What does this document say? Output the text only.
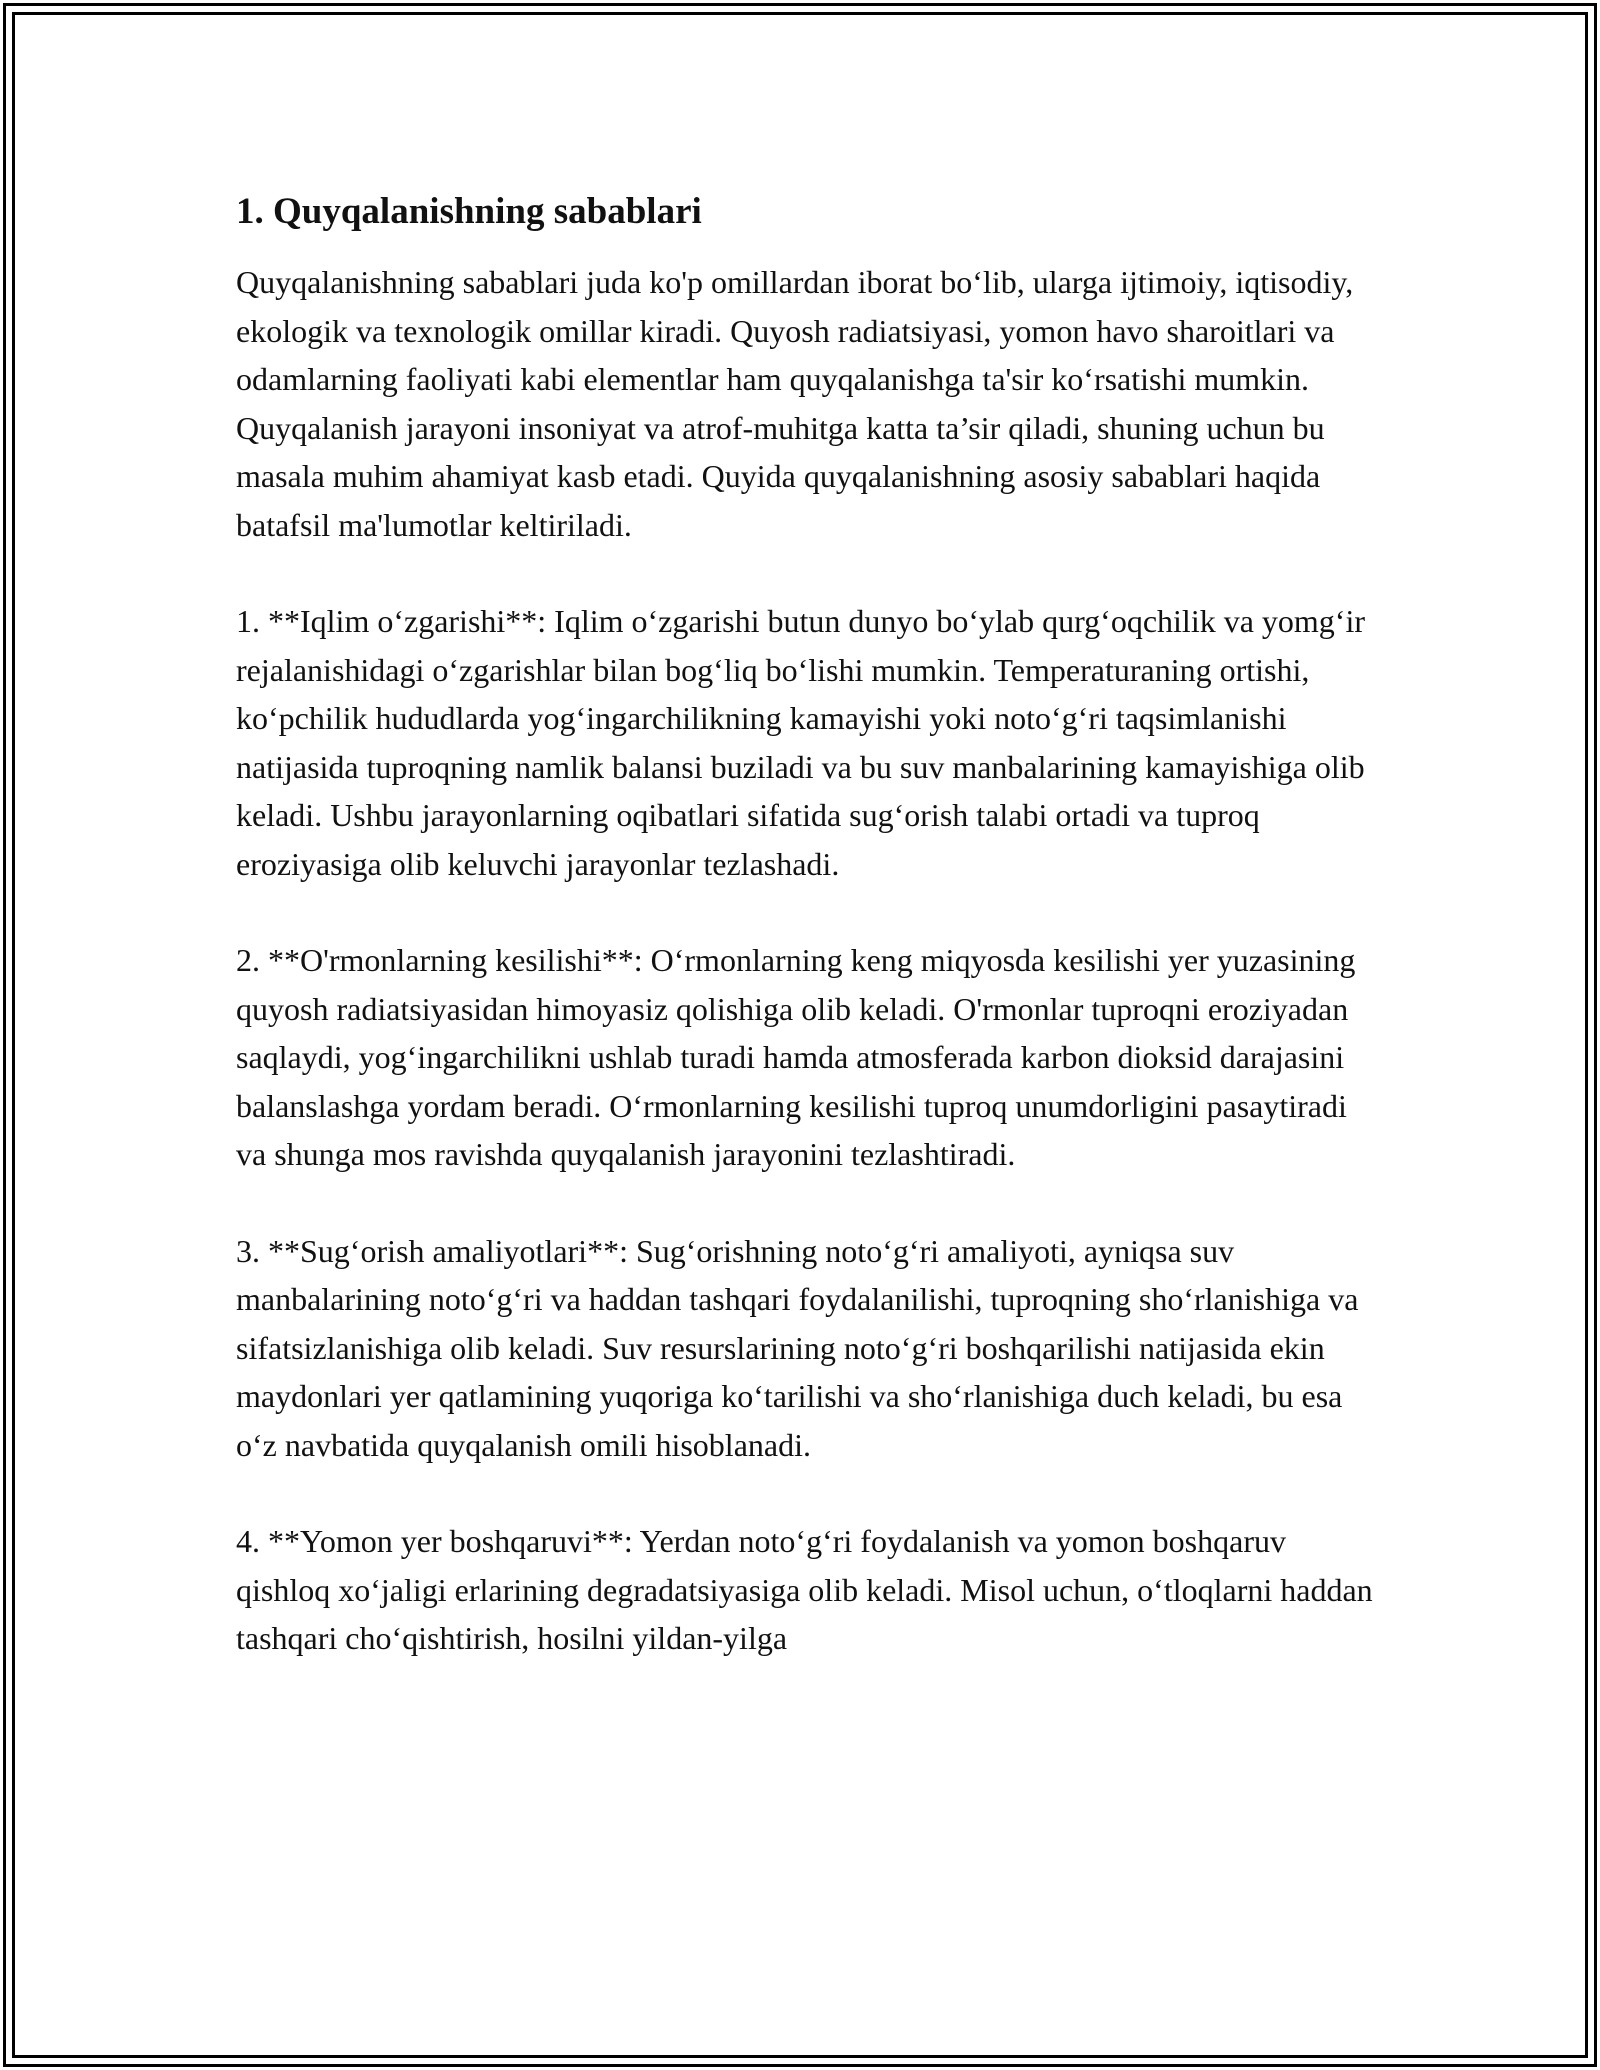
1. Quyqalanishning sabablari

Quyqalanishning sabablari juda ko'p omillardan iborat bo‘lib, ularga ijtimoiy, iqtisodiy, ekologik va texnologik omillar kiradi. Quyosh radiatsiyasi, yomon havo sharoitlari va odamlarning faoliyati kabi elementlar ham quyqalanishga ta'sir ko‘rsatishi mumkin. Quyqalanish jarayoni insoniyat va atrof-muhitga katta ta’sir qiladi, shuning uchun bu masala muhim ahamiyat kasb etadi. Quyida quyqalanishning asosiy sabablari haqida batafsil ma'lumotlar keltiriladi.

1. **Iqlim o‘zgarishi**: Iqlim o‘zgarishi butun dunyo bo‘ylab qurg‘oqchilik va yomg‘ir rejalanishidagi o‘zgarishlar bilan bog‘liq bo‘lishi mumkin. Temperaturaning ortishi, ko‘pchilik hududlarda yog‘ingarchilikning kamayishi yoki noto‘g‘ri taqsimlanishi natijasida tuproqning namlik balansi buziladi va bu suv manbalarining kamayishiga olib keladi. Ushbu jarayonlarning oqibatlari sifatida sug‘orish talabi ortadi va tuproq eroziyasiga olib keluvchi jarayonlar tezlashadi.

2. **O'rmonlarning kesilishi**: O‘rmonlarning keng miqyosda kesilishi yer yuzasining quyosh radiatsiyasidan himoyasiz qolishiga olib keladi. O'rmonlar tuproqni eroziyadan saqlaydi, yog‘ingarchilikni ushlab turadi hamda atmosferada karbon dioksid darajasini balanslashga yordam beradi. O‘rmonlarning kesilishi tuproq unumdorligini pasaytiradi va shunga mos ravishda quyqalanish jarayonini tezlashtiradi.

3. **Sug‘orish amaliyotlari**: Sug‘orishning noto‘g‘ri amaliyoti, ayniqsa suv manbalarining noto‘g‘ri va haddan tashqari foydalanilishi, tuproqning sho‘rlanishiga va sifatsizlanishiga olib keladi. Suv resurslarining noto‘g‘ri boshqarilishi natijasida ekin maydonlari yer qatlamining yuqoriga ko‘tarilishi va sho‘rlanishiga duch keladi, bu esa o‘z navbatida quyqalanish omili hisoblanadi.

4. **Yomon yer boshqaruvi**: Yerdan noto‘g‘ri foydalanish va yomon boshqaruv qishloq xo‘jaligi erlarining degradatsiyasiga olib keladi. Misol uchun, o‘tloqlarni haddan tashqari cho‘qishtirish, hosilni yildan-yilga
